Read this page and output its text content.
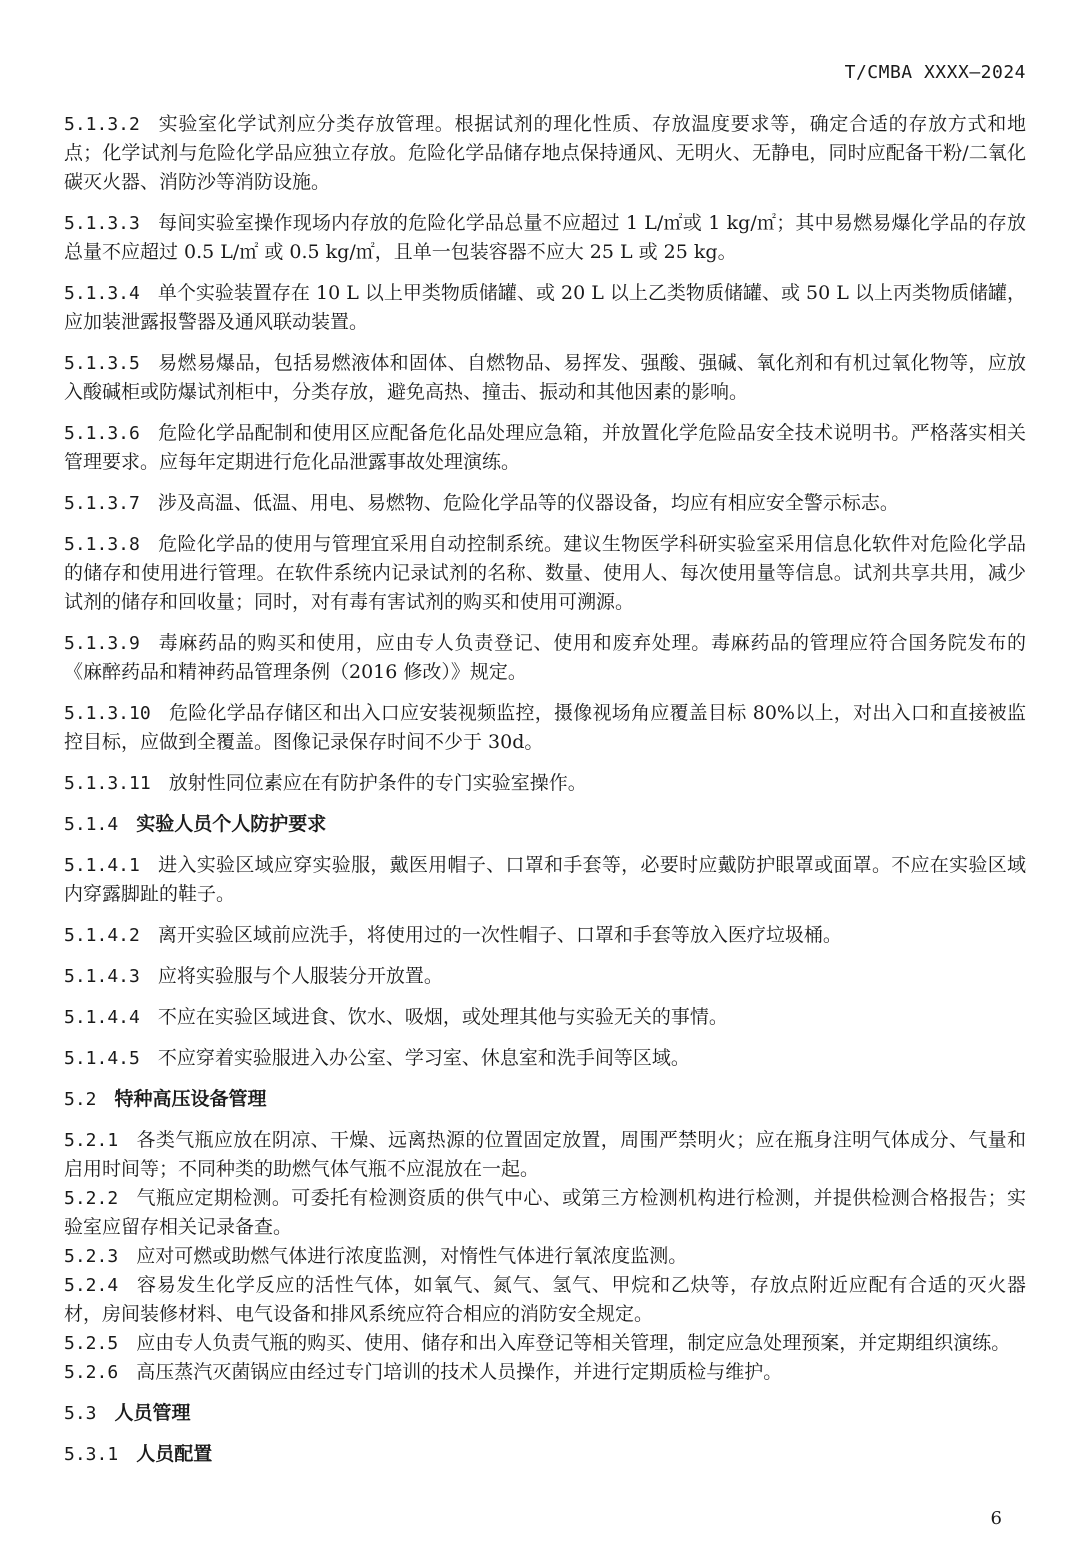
T/CMBA XXXX—2024
5.1.3.2 实验室化学试剂应分类存放管理。根据试剂的理化性质、存放温度要求等，确定合适的存放方式和地点；化学试剂与危险化学品应独立存放。危险化学品储存地点保持通风、无明火、无静电，同时应配备干粉/二氧化碳灭火器、消防沙等消防设施。
5.1.3.3 每间实验室操作现场内存放的危险化学品总量不应超过 1 L/㎡或 1 kg/㎡；其中易燃易爆化学品的存放总量不应超过 0.5 L/㎡ 或 0.5 kg/㎡，且单一包装容器不应大 25 L 或 25 kg。
5.1.3.4 单个实验装置存在 10 L 以上甲类物质储罐、或 20 L 以上乙类物质储罐、或 50 L 以上丙类物质储罐，应加装泄露报警器及通风联动装置。
5.1.3.5 易燃易爆品，包括易燃液体和固体、自燃物品、易挥发、强酸、强碱、氧化剂和有机过氧化物等，应放入酸碱柜或防爆试剂柜中，分类存放，避免高热、撞击、振动和其他因素的影响。
5.1.3.6 危险化学品配制和使用区应配备危化品处理应急箱，并放置化学危险品安全技术说明书。严格落实相关管理要求。应每年定期进行危化品泄露事故处理演练。
5.1.3.7 涉及高温、低温、用电、易燃物、危险化学品等的仪器设备，均应有相应安全警示标志。
5.1.3.8 危险化学品的使用与管理宜采用自动控制系统。建议生物医学科研实验室采用信息化软件对危险化学品的储存和使用进行管理。在软件系统内记录试剂的名称、数量、使用人、每次使用量等信息。试剂共享共用，减少试剂的储存和回收量；同时，对有毒有害试剂的购买和使用可溯源。
5.1.3.9 毒麻药品的购买和使用，应由专人负责登记、使用和废弃处理。毒麻药品的管理应符合国务院发布的《麻醉药品和精神药品管理条例（2016 修改）》规定。
5.1.3.10 危险化学品存储区和出入口应安装视频监控，摄像视场角应覆盖目标 80%以上，对出入口和直接被监控目标，应做到全覆盖。图像记录保存时间不少于 30d。
5.1.3.11 放射性同位素应在有防护条件的专门实验室操作。
5.1.4 实验人员个人防护要求
5.1.4.1 进入实验区域应穿实验服，戴医用帽子、口罩和手套等，必要时应戴防护眼罩或面罩。不应在实验区域内穿露脚趾的鞋子。
5.1.4.2 离开实验区域前应洗手，将使用过的一次性帽子、口罩和手套等放入医疗垃圾桶。
5.1.4.3 应将实验服与个人服装分开放置。
5.1.4.4 不应在实验区域进食、饮水、吸烟，或处理其他与实验无关的事情。
5.1.4.5 不应穿着实验服进入办公室、学习室、休息室和洗手间等区域。
5.2 特种高压设备管理
5.2.1 各类气瓶应放在阴凉、干燥、远离热源的位置固定放置，周围严禁明火；应在瓶身注明气体成分、气量和启用时间等；不同种类的助燃气体气瓶不应混放在一起。
5.2.2 气瓶应定期检测。可委托有检测资质的供气中心、或第三方检测机构进行检测，并提供检测合格报告；实验室应留存相关记录备查。
5.2.3 应对可燃或助燃气体进行浓度监测，对惰性气体进行氧浓度监测。
5.2.4 容易发生化学反应的活性气体，如氧气、氮气、氢气、甲烷和乙炔等，存放点附近应配有合适的灭火器材，房间装修材料、电气设备和排风系统应符合相应的消防安全规定。
5.2.5 应由专人负责气瓶的购买、使用、储存和出入库登记等相关管理，制定应急处理预案，并定期组织演练。
5.2.6 高压蒸汽灭菌锅应由经过专门培训的技术人员操作，并进行定期质检与维护。
5.3 人员管理
5.3.1 人员配置
6
